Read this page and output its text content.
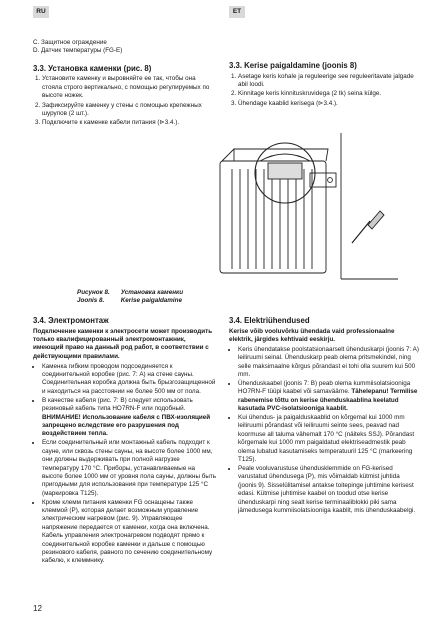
RU	ET
C. Защитное ограждение
D. Датчик температуры (FG-E)
3.3. Установка каменки (рис. 8)
1. Установите каменку и выровняйте ее так, чтобы она стояла строго вертикально, с помощью регулируемых по высоте ножек.
2. Зафиксируйте каменку у стены с помощью крепежных шурупов (2 шт.).
3. Подключите к каменке кабели питания (⊳3.4.).
3.3. Kerise paigaldamine (joonis 8)
1. Asetage keris kohale ja reguleerige see reguleeritavate jalgade abil loodi.
2. Kinnitage keris kinnituskruvidega (2 tk) seina külge.
3. Ühendage kaablid kerisega (⊳3.4.).
Рисунок 8. Установка каменки
Joonis 8.	Kerise paigaldamine
3.4. Электромонтаж
Подключение каменки к электросети может производить только квалифицированный электромонтажник, имеющий право на данный род работ, в соответствии с действующими правилами.
• Каменка гибким проводом подсоединяется к соединительной коробке (рис. 7: A) на стене сауны. Соединительная коробка должна быть брызгозащищенной и находиться на расстоянии не более 500 мм от пола.
• В качестве кабеля (рис. 7: B) следует использовать резиновый кабель типа HO7RN-F или подобный. ВНИМАНИЕ! Использование кабеля с ПВХ-изоляцией запрещено вследствие его разрушения под воздействием тепла.
• Если соединительный или монтажный кабель подходит к сауне, или сквозь стены сауны, на высоте более 1000 мм, они должны выдерживать при полной нагрузке температуру 170 °C. Приборы, устанавливаемые на высоте более 1000 мм от уровня пола сауны, должны быть пригодными для использования при температуре 125 °C (маркировка T125).
• Кроме клемм питания каменки FG оснащены также клеммой (P), которая делает возможным управление электрическим нагревом (рис. 9). Управляющее напряжение передается от каменки, когда она включена. Кабель управления электронагревом подводят прямо к соединительной коробке каменки и дальше с помощью резинового кабеля, равного по сечению соединительному кабелю, к клеммнику.
3.4. Elektriühendused
Kerise võib vooluvõrku ühendada vaid professionaalne elektrik, järgides kehtivaid eeskirju.
• Keris ühendatakse poolstatsionaarselt ühenduskarpi (joonis 7: A) leiliruumi seinal. Ühenduskarp peab olema pritsmekindel, ning selle maksimaalne kõrgus põrandast ei tohi olla suurem kui 500 mm.
• Ühenduskaabel (joonis 7: B) peab olema kummiisolatsiooniga HO7RN-F tüüpi kaabel või samaväärne. Tähelepanu! Termilise rabenemise tõttu on kerise ühenduskaablina keelatud kasutada PVC-isolatsiooniga kaablit.
• Kui ühendus- ja paigalduskaablid on kõrgemal kui 1000 mm leiliruumi põrandast või leiliruumi seinte sees, peavad nad koormuse all taluma vähemalt 170 °C (näiteks SSJ). Põrandast kõrgemale kui 1000 mm paigaldatud elektriseadmestik peab olema lubatud kasutamiseks temperatuuril 125 °C (markeering T125).
• Peale vooluvarustuse ühendusklemmide on FG-kerised varustatud ühendusega (P), mis võimaldab kütmist juhtida (joonis 9). Sisselülitamisel antakse toitepinge juhtimine kerisest edasi. Kütmise juhtimise kaabel on toodud otse kerise ühenduskarpi ning sealt kerise terminaaliblokki piki sama jämedusega kummiisolatsiooniga kaablit, mis ühenduskaabelgi.
12
